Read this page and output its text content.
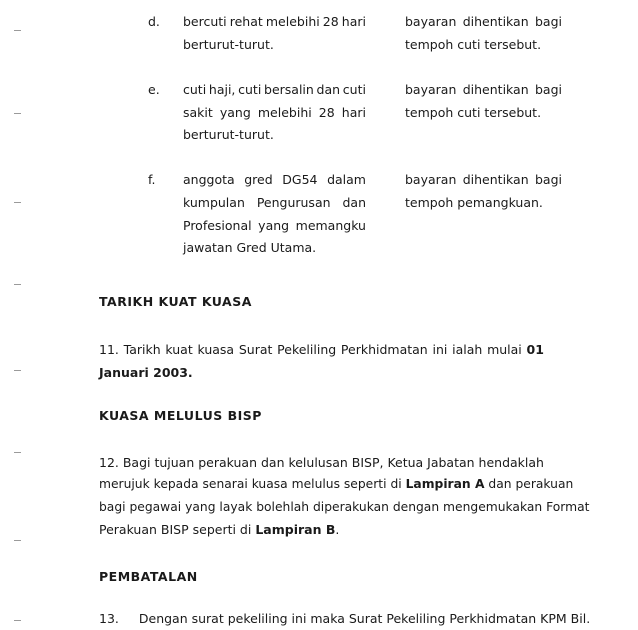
d.
e.
f.
bercuti rehat melebihi 28 hari
berturut-turut.
bayaran dihentikan bagi
tempoh cuti tersebut.
cuti haji, cuti bersalin dan cuti
sakit yang melebihi 28 hari
berturut-turut.
bayaran dihentikan bagi
tempoh cuti tersebut.
anggota gred DG54 dalam
kumpulan Pengurusan dan
Profesional yang memangku
jawatan Gred Utama.
bayaran dihentikan bagi
tempoh pemangkuan.
TARIKH KUAT KUASA
11. Tarikh kuat kuasa Surat Pekeliling Perkhidmatan ini ialah mulai 01
Januari 2003.
KUASA MELULUS BISP
12. Bagi tujuan perakuan dan kelulusan BISP, Ketua Jabatan hendaklah
merujuk kepada senarai kuasa melulus seperti di Lampiran A dan perakuan
bagi pegawai yang layak bolehlah diperakukan dengan mengemukakan Format
Perakuan BISP seperti di Lampiran B.
PEMBATALAN
13. Dengan surat pekeliling ini maka Surat Pekeliling Perkhidmatan KPM Bil.
